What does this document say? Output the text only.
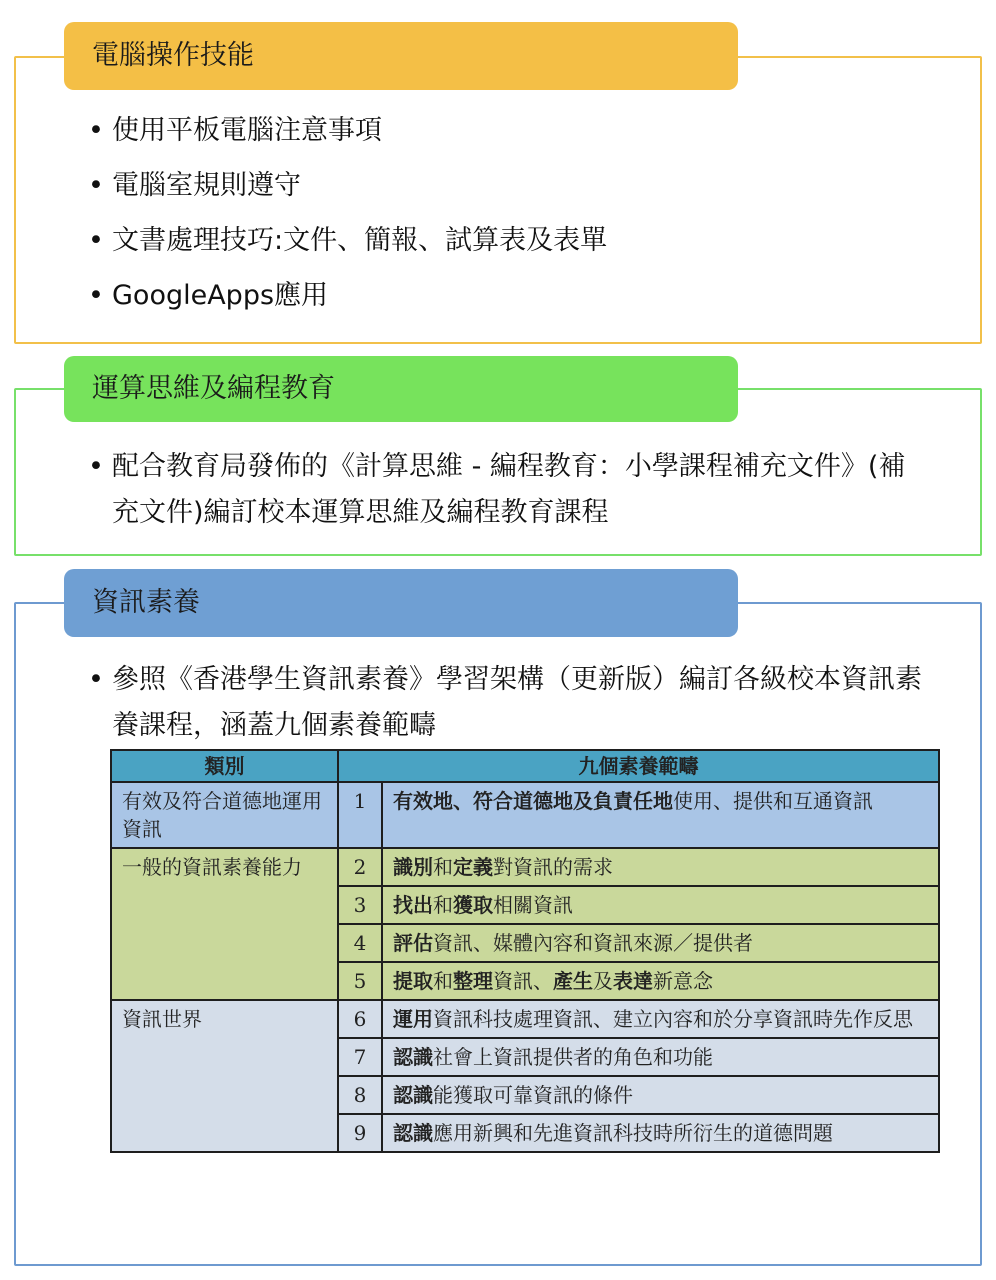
電腦操作技能
• 使用平板電腦注意事項
• 電腦室規則遵守
• 文書處理技巧:文件、簡報、試算表及表單
• GoogleApps應用
運算思維及編程教育
• 配合教育局發佈的《計算思維 - 編程教育：小學課程補充文件》(補充文件)編訂校本運算思維及編程教育課程
資訊素養
• 參照《香港學生資訊素養》學習架構（更新版）編訂各級校本資訊素養課程，涵蓋九個素養範疇
類別	九個素養範疇	
有效及符合道德地運用資訊	1	有效地、符合道德地及負責任地使用、提供和互通資訊
一般的資訊素養能力	2	識別和定義對資訊的需求
	3	找出和獲取相關資訊
	4	評估資訊、媒體內容和資訊來源／提供者
	5	提取和整理資訊、產生及表達新意念
資訊世界	6	運用資訊科技處理資訊、建立內容和於分享資訊時先作反思
	7	認識社會上資訊提供者的角色和功能
	8	認識能獲取可靠資訊的條件
	9	認識應用新興和先進資訊科技時所衍生的道德問題
